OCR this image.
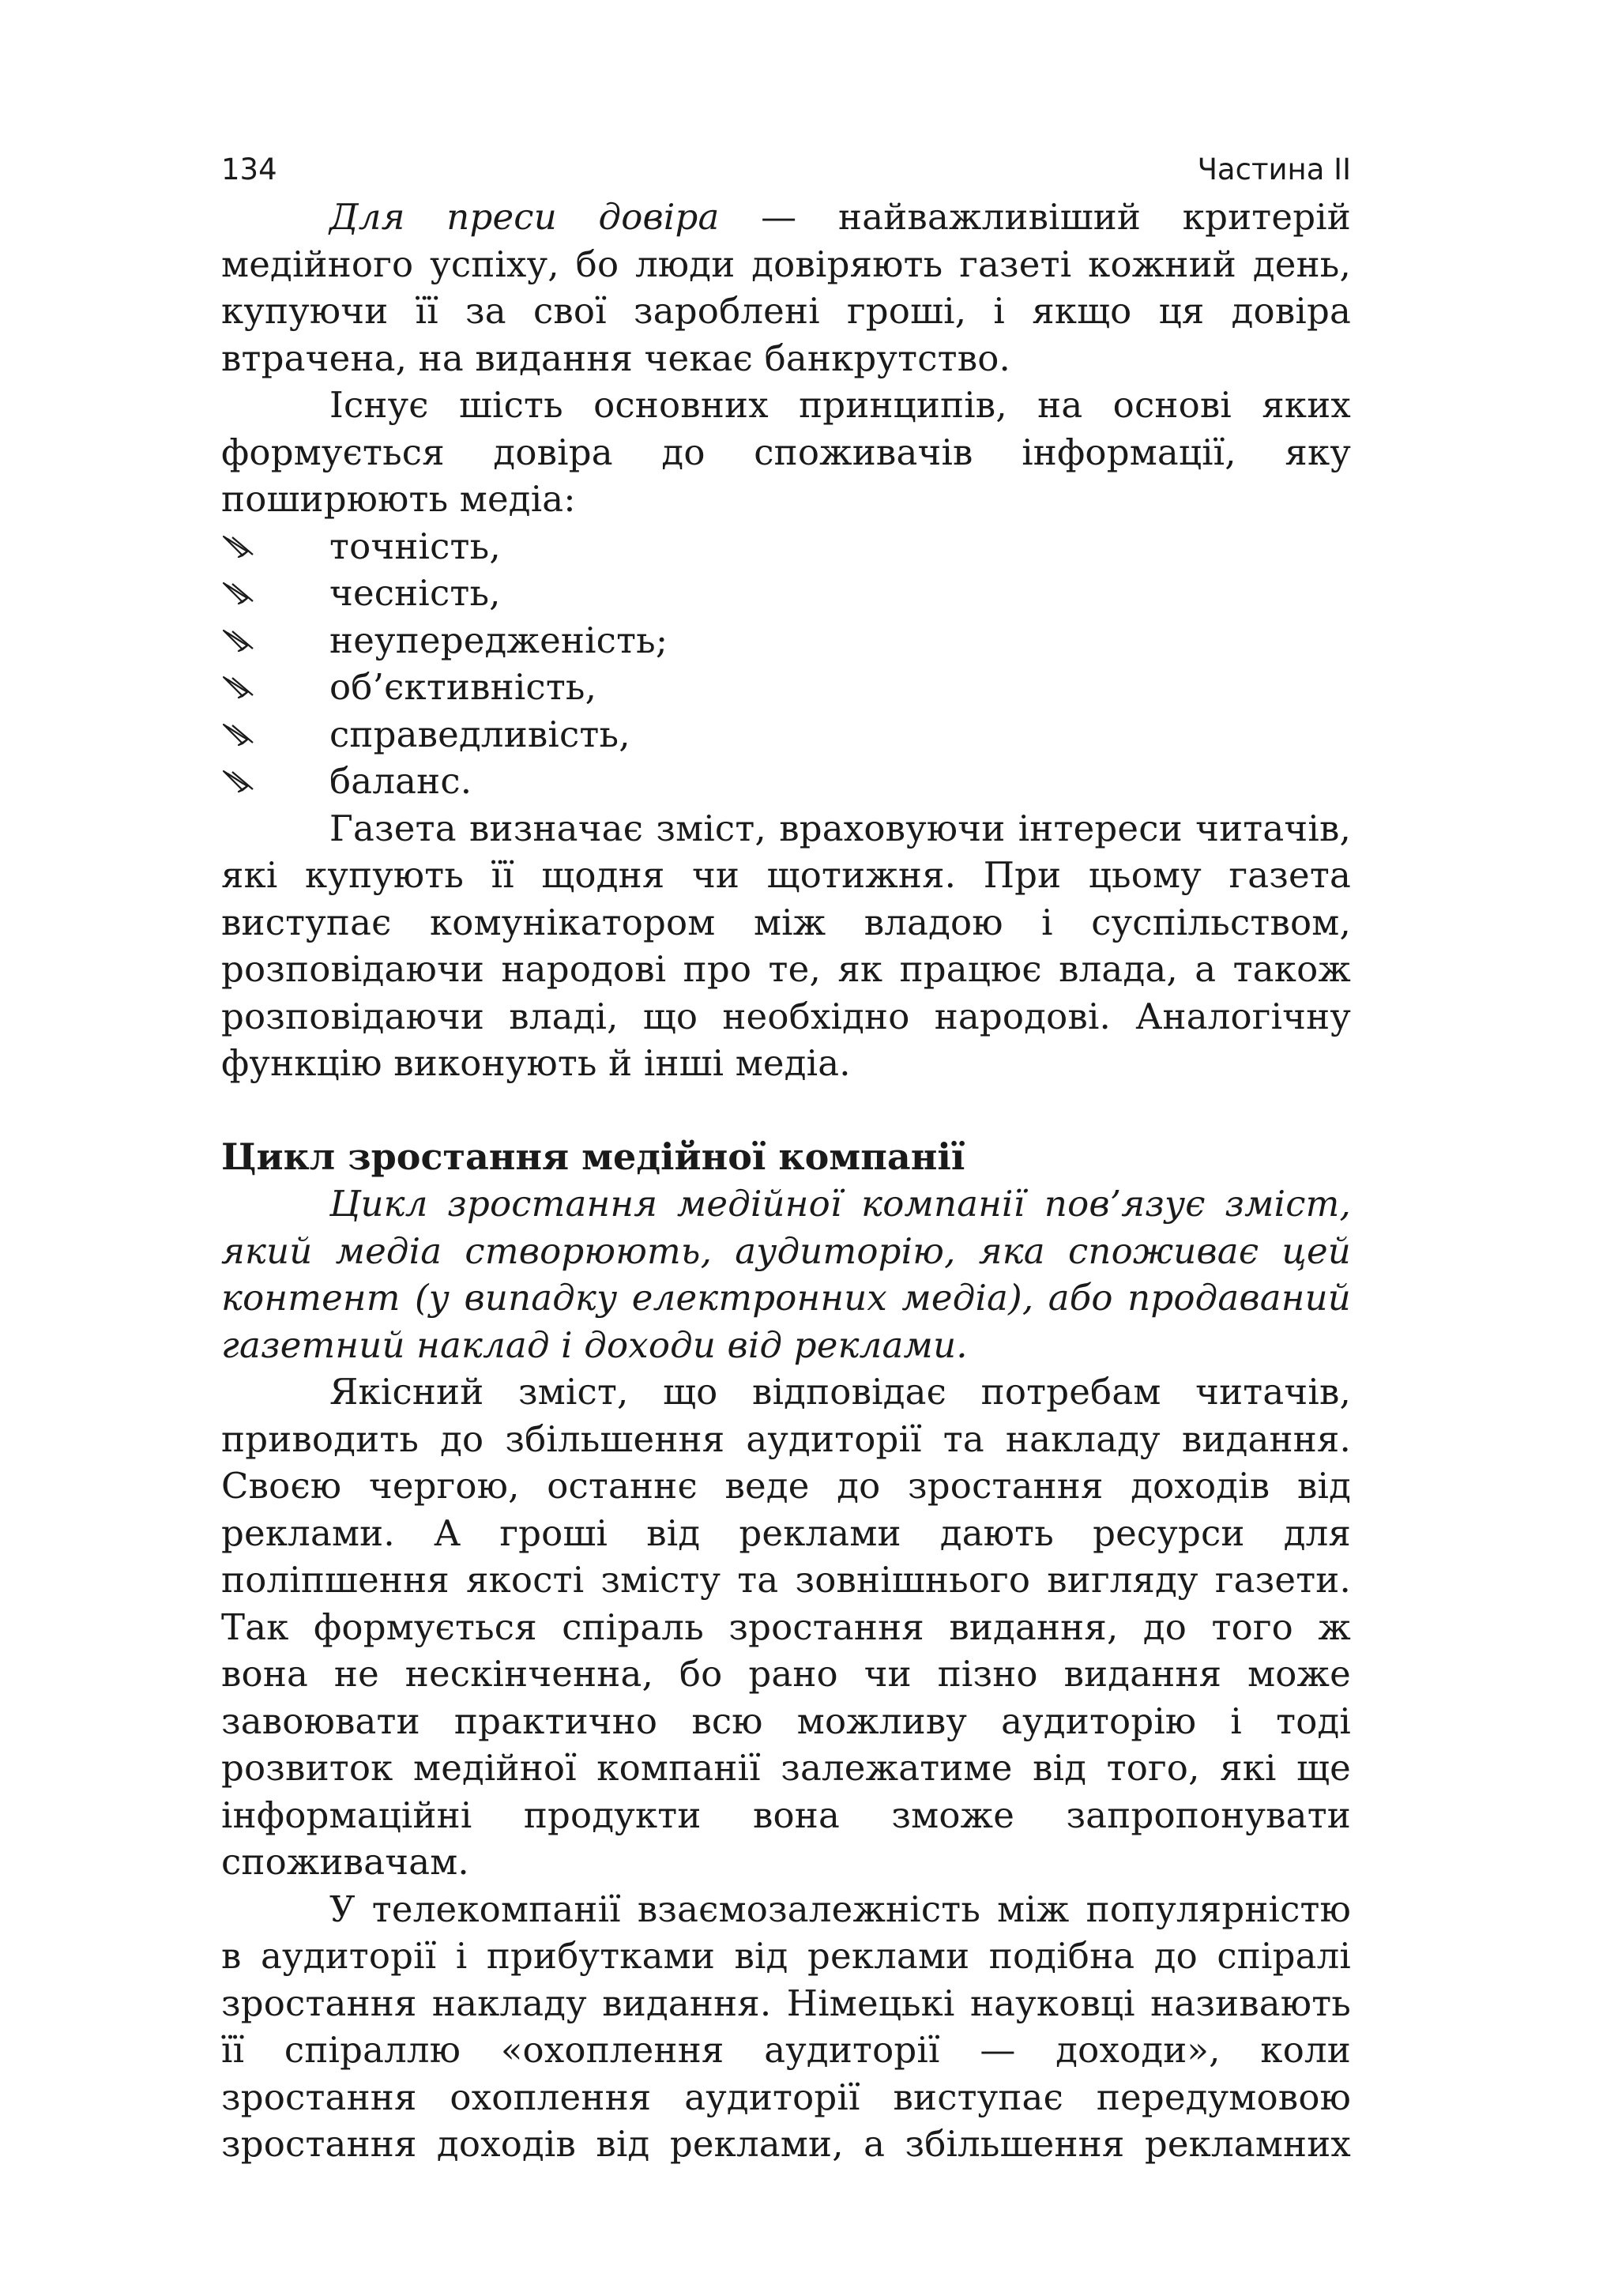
134	Частина ІІ

Для преси довіра — найважливіший критерій медійного успіху, бо люди довіряють газеті кожний день, купуючи її за свої зароблені гроші, і якщо ця довіра втрачена, на видання чекає банкрутство.

Існує шість основних принципів, на основі яких формується довіра до споживачів інформації, яку поширюють медіа:

точність,
чесність,
неупередженість;
об’єктивність,
справедливість,
баланс.

Газета визначає зміст, враховуючи інтереси читачів, які купують її щодня чи щотижня. При цьому газета виступає комунікатором між владою і суспільством, розповідаючи народові про те, як працює влада, а також розповідаючи владі, що необхідно народові. Аналогічну функцію виконують й інші медіа.

Цикл зростання медійної компанії

Цикл зростання медійної компанії пов’язує зміст, який медіа створюють, аудиторію, яка споживає цей контент (у випадку електронних медіа), або продаваний газетний наклад і доходи від реклами.

Якісний зміст, що відповідає потребам читачів, приводить до збільшення аудиторії та накладу видання. Своєю чергою, останнє веде до зростання доходів від реклами. А гроші від реклами дають ресурси для поліпшення якості змісту та зовнішнього вигляду газети. Так формується спіраль зростання видання, до того ж вона не нескінченна, бо рано чи пізно видання може завоювати практично всю можливу аудиторію і тоді розвиток медійної компанії залежатиме від того, які ще інформаційні продукти вона зможе запропонувати споживачам.

У телекомпанії взаємозалежність між популярністю в аудиторії і прибутками від реклами подібна до спіралі зростання накладу видання. Німецькі науковці називають її спіраллю «охоплення аудиторії — доходи», коли зростання охоплення аудиторії виступає передумовою зростання доходів від реклами, а збільшення рекламних
